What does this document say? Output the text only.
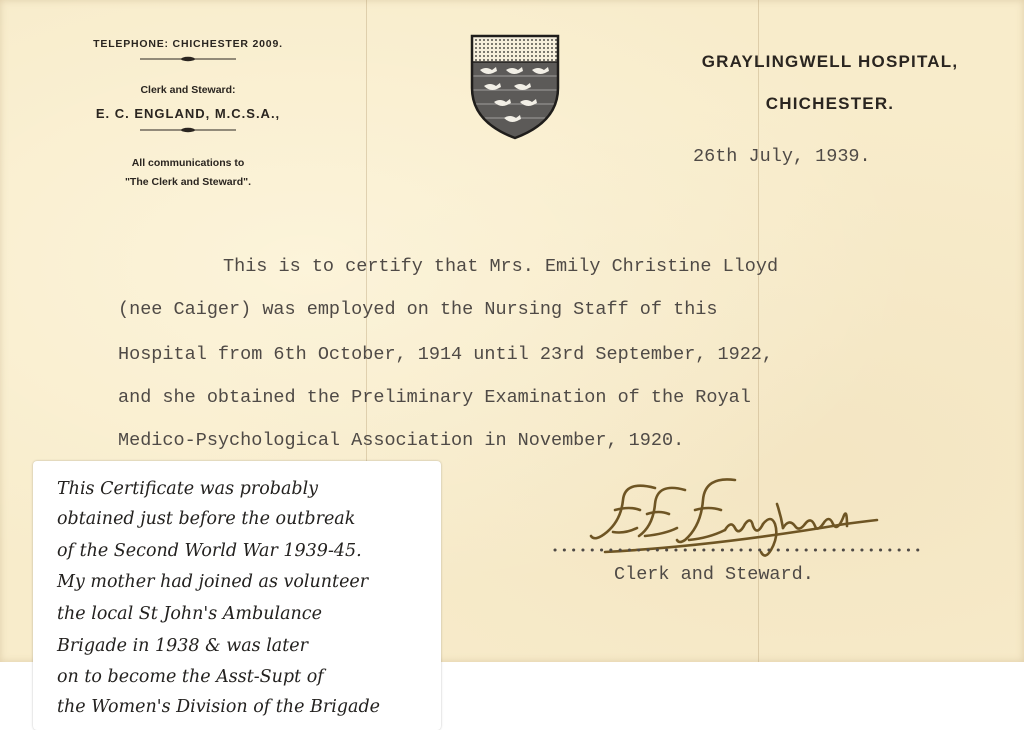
TELEPHONE: CHICHESTER 2009.
Clerk and Steward:
E. C. ENGLAND, M.C.S.A.,
All communications to
"The Clerk and Steward".
GRAYLINGWELL HOSPITAL,
CHICHESTER.
26th July, 1939.
This is to certify that Mrs. Emily Christine Lloyd
(nee Caiger) was employed on the Nursing Staff of this
Hospital from 6th October, 1914 until 23rd September, 1922,
and she obtained the Preliminary Examination of the Royal
Medico-Psychological Association in November, 1920.
Clerk and Steward.
This Certificate was probably
obtained just before the outbreak
of the Second World War 1939-45.
My mother had joined as volunteer
the local St John's Ambulance
Brigade in 1938 & was later
on to become the Asst-Supt of
the Women's Division of the Brigade
